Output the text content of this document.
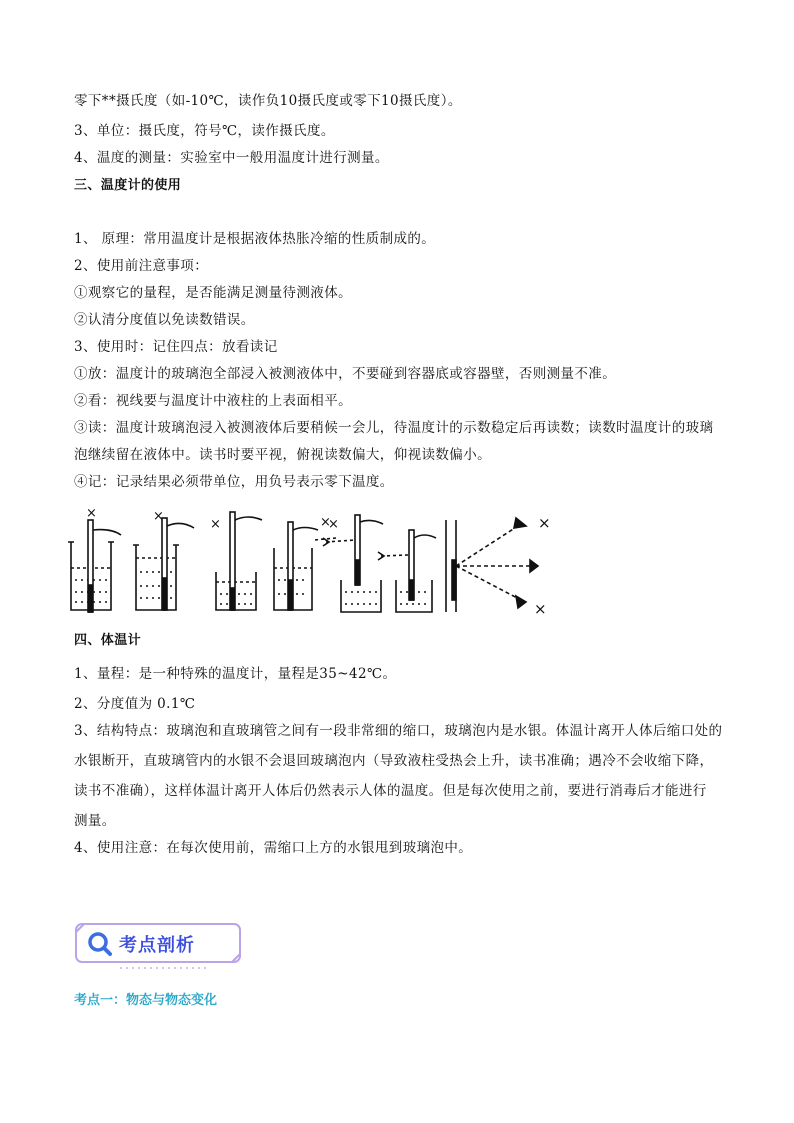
零下**摄氏度（如-10℃，读作负10摄氏度或零下10摄氏度）。
3、单位：摄氏度，符号℃，读作摄氏度。
4、温度的测量：实验室中一般用温度计进行测量。
三、温度计的使用
1、 原理：常用温度计是根据液体热胀冷缩的性质制成的。
2、使用前注意事项：
①观察它的量程，是否能满足测量待测液体。
②认清分度值以免读数错误。
3、使用时：记住四点：放看读记
①放：温度计的玻璃泡全部浸入被测液体中，不要碰到容器底或容器壁，否则测量不准。
②看：视线要与温度计中液柱的上表面相平。
③读：温度计玻璃泡浸入被测液体后要稍候一会儿，待温度计的示数稳定后再读数；读数时温度计的玻璃
泡继续留在液体中。读书时要平视，俯视读数偏大，仰视读数偏小。
④记：记录结果必须带单位，用负号表示零下温度。
×	×
×	×
×	×
×
四、体温计
1、量程：是一种特殊的温度计，量程是35~42℃。
2、分度值为 0.1℃
3、结构特点：玻璃泡和直玻璃管之间有一段非常细的缩口，玻璃泡内是水银。体温计离开人体后缩口处的
水银断开，直玻璃管内的水银不会退回玻璃泡内（导致液柱受热会上升，读书准确；遇冷不会收缩下降，
读书不准确），这样体温计离开人体后仍然表示人体的温度。但是每次使用之前，要进行消毒后才能进行
测量。
4、使用注意：在每次使用前，需缩口上方的水银甩到玻璃泡中。
考点剖析
考点一：物态与物态变化
